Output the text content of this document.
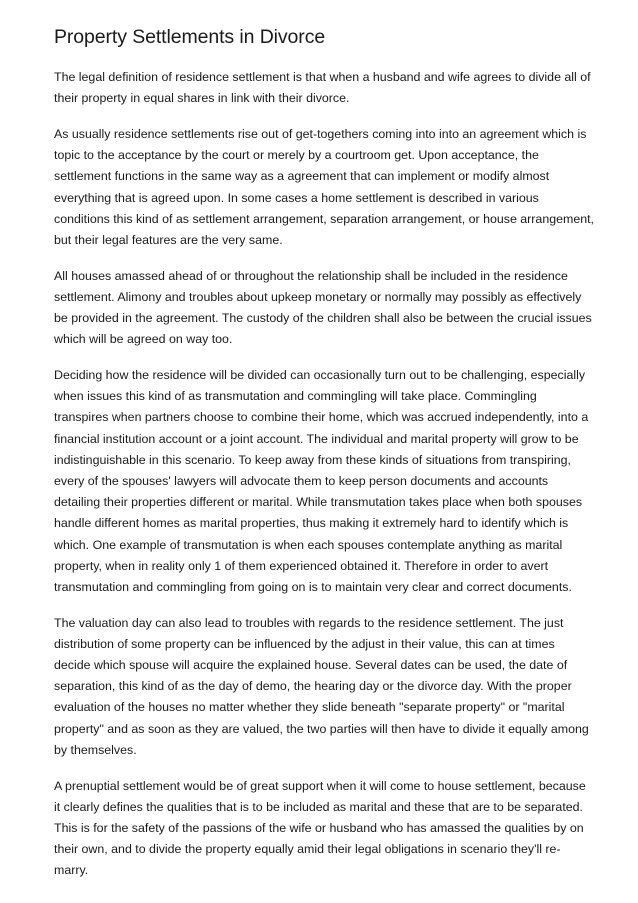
Property Settlements in Divorce

The legal definition of residence settlement is that when a husband and wife agrees to divide all of their property in equal shares in link with their divorce.

As usually residence settlements rise out of get-togethers coming into into an agreement which is topic to the acceptance by the court or merely by a courtroom get. Upon acceptance, the settlement functions in the same way as a agreement that can implement or modify almost everything that is agreed upon. In some cases a home settlement is described in various conditions this kind of as settlement arrangement, separation arrangement, or house arrangement, but their legal features are the very same.

All houses amassed ahead of or throughout the relationship shall be included in the residence settlement. Alimony and troubles about upkeep monetary or normally may possibly as effectively be provided in the agreement. The custody of the children shall also be between the crucial issues which will be agreed on way too.

Deciding how the residence will be divided can occasionally turn out to be challenging, especially when issues this kind of as transmutation and commingling will take place. Commingling transpires when partners choose to combine their home, which was accrued independently, into a financial institution account or a joint account. The individual and marital property will grow to be indistinguishable in this scenario. To keep away from these kinds of situations from transpiring, every of the spouses' lawyers will advocate them to keep person documents and accounts detailing their properties different or marital. While transmutation takes place when both spouses handle different homes as marital properties, thus making it extremely hard to identify which is which. One example of transmutation is when each spouses contemplate anything as marital property, when in reality only 1 of them experienced obtained it. Therefore in order to avert transmutation and commingling from going on is to maintain very clear and correct documents.

The valuation day can also lead to troubles with regards to the residence settlement. The just distribution of some property can be influenced by the adjust in their value, this can at times decide which spouse will acquire the explained house. Several dates can be used, the date of separation, this kind of as the day of demo, the hearing day or the divorce day. With the proper evaluation of the houses no matter whether they slide beneath "separate property" or "marital property" and as soon as they are valued, the two parties will then have to divide it equally among by themselves.

A prenuptial settlement would be of great support when it will come to house settlement, because it clearly defines the qualities that is to be included as marital and these that are to be separated. This is for the safety of the passions of the wife or husband who has amassed the qualities by on their own, and to divide the property equally amid their legal obligations in scenario they'll re-marry.
